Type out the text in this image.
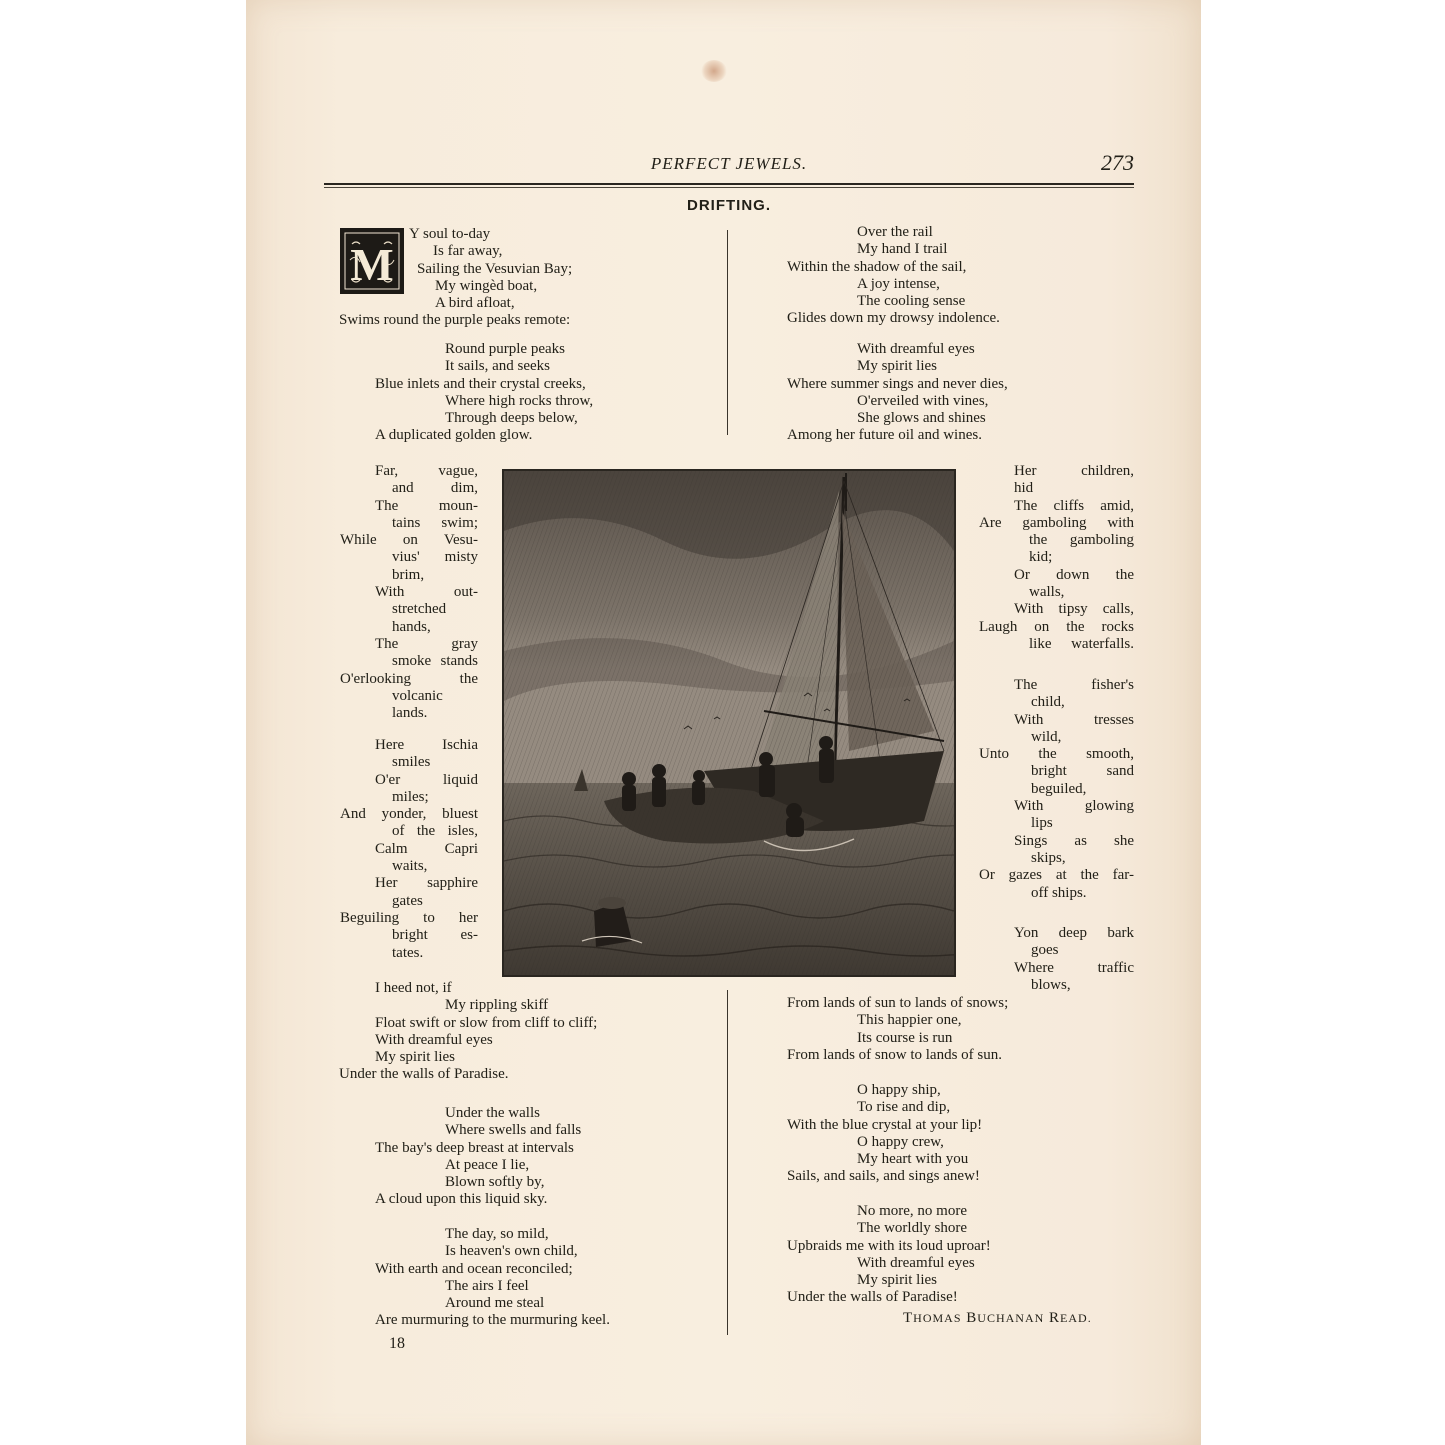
PERFECT JEWELS.	273
DRIFTING.
M
Y soul to-day
Is far away,
Sailing the Vesuvian Bay;
My wingèd boat,
A bird afloat,
Swims round the purple peaks remote:
Round purple peaks
It sails, and seeks
Blue inlets and their crystal creeks,
Where high rocks throw,
Through deeps below,
A duplicated golden glow.
Far, vague,
and dim,
The moun-
tains swim;
While on Vesu-
vius' misty
brim,
With out-
stretched
hands,
The gray
smoke stands
O'erlooking the
volcanic
lands.
Here Ischia
smiles
O'er liquid
miles;
And yonder, bluest
of the isles,
Calm Capri
waits,
Her sapphire
gates
Beguiling to her
bright es-
tates.
I heed not, if
My rippling skiff
Float swift or slow from cliff to cliff;
With dreamful eyes
My spirit lies
Under the walls of Paradise.
Under the walls
Where swells and falls
The bay's deep breast at intervals
At peace I lie,
Blown softly by,
A cloud upon this liquid sky.
The day, so mild,
Is heaven's own child,
With earth and ocean reconciled;
The airs I feel
Around me steal
Are murmuring to the murmuring keel.
Over the rail
My hand I trail
Within the shadow of the sail,
A joy intense,
The cooling sense
Glides down my drowsy indolence.
With dreamful eyes
My spirit lies
Where summer sings and never dies,
O'erveiled with vines,
She glows and shines
Among her future oil and wines.
Her children,
hid
The cliffs amid,
Are gamboling with
the gamboling
kid;
Or down the
walls,
With tipsy calls,
Laugh on the rocks
like waterfalls.
The fisher's
child,
With tresses
wild,
Unto the smooth,
bright sand
beguiled,
With glowing
lips
Sings as she
skips,
Or gazes at the far-
off ships.
Yon deep bark
goes
Where traffic
blows,
From lands of sun to lands of snows;
This happier one,
Its course is run
From lands of snow to lands of sun.
O happy ship,
To rise and dip,
With the blue crystal at your lip!
O happy crew,
My heart with you
Sails, and sails, and sings anew!
No more, no more
The worldly shore
Upbraids me with its loud uproar!
With dreamful eyes
My spirit lies
Under the walls of Paradise!
THOMAS BUCHANAN READ.
18
